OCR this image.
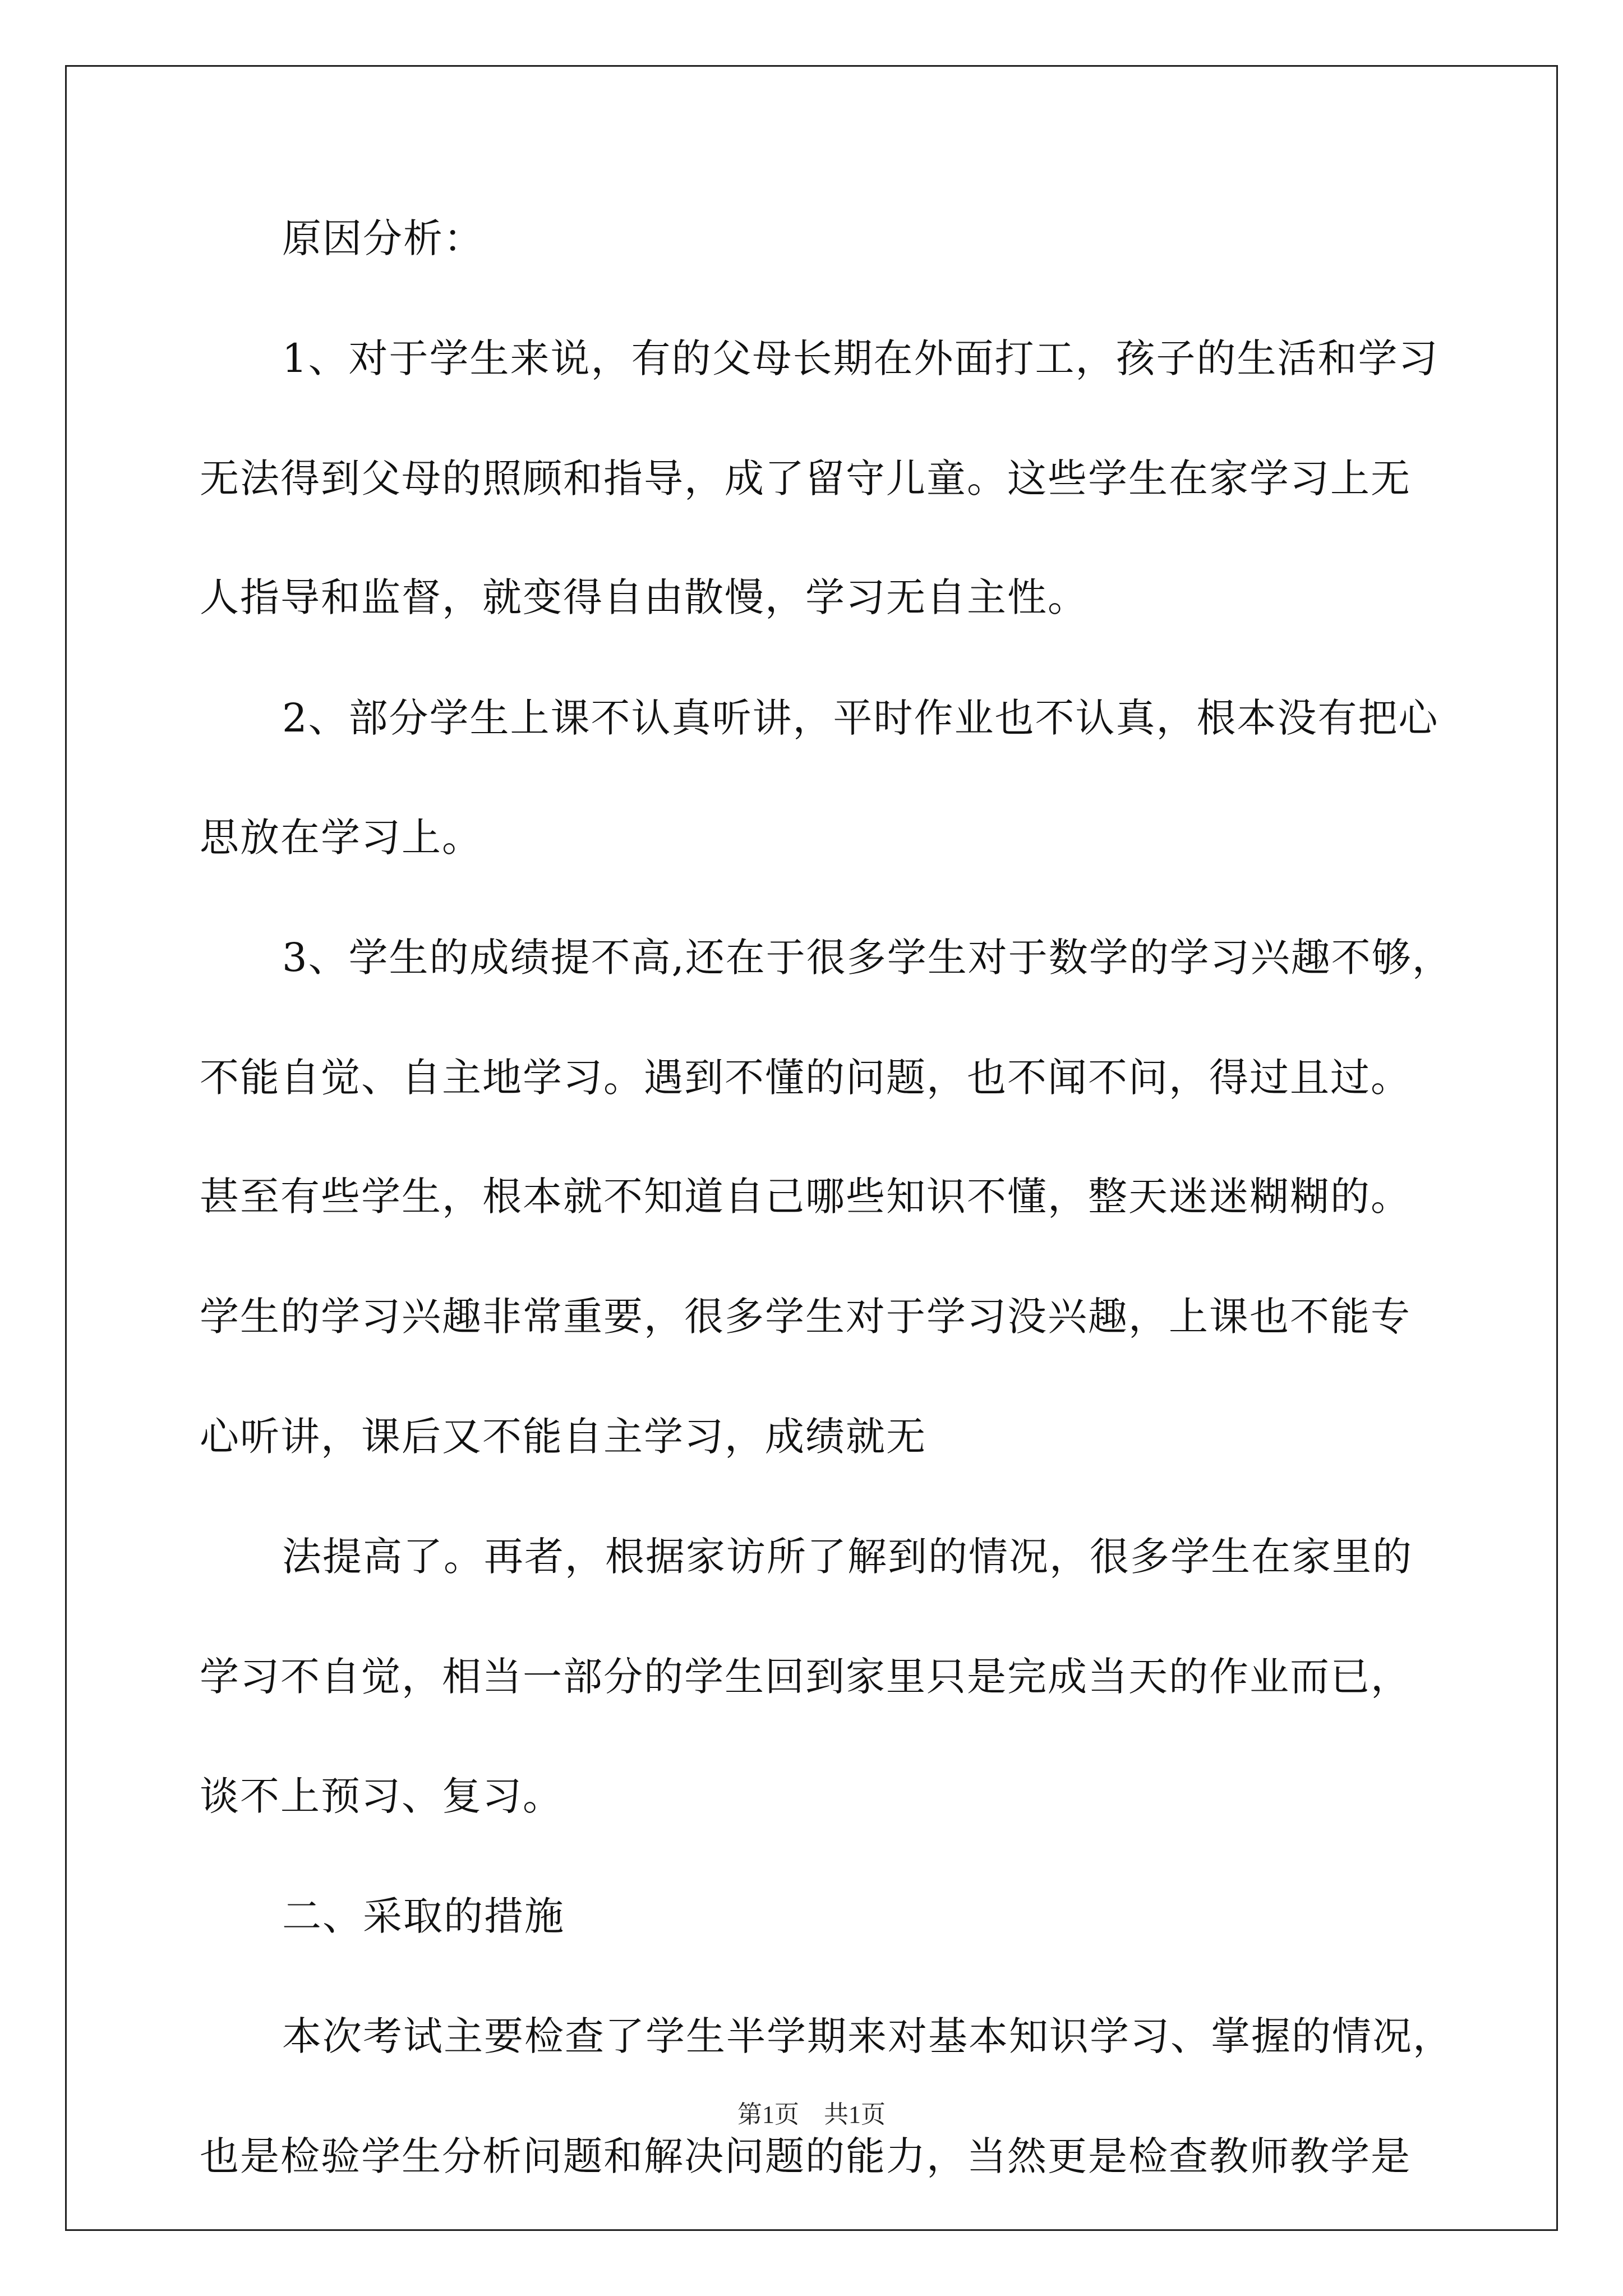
原因分析：
1、对于学生来说，有的父母长期在外面打工，孩子的生活和学习
无法得到父母的照顾和指导，成了留守儿童。这些学生在家学习上无
人指导和监督，就变得自由散慢，学习无自主性。
2、部分学生上课不认真听讲，平时作业也不认真，根本没有把心
思放在学习上。
3、学生的成绩提不高,还在于很多学生对于数学的学习兴趣不够，
不能自觉、自主地学习。遇到不懂的问题，也不闻不问，得过且过。
甚至有些学生，根本就不知道自己哪些知识不懂，整天迷迷糊糊的。
学生的学习兴趣非常重要，很多学生对于学习没兴趣，上课也不能专
心听讲，课后又不能自主学习，成绩就无
法提高了。再者，根据家访所了解到的情况，很多学生在家里的
学习不自觉，相当一部分的学生回到家里只是完成当天的作业而已，
谈不上预习、复习。
二、采取的措施
本次考试主要检查了学生半学期来对基本知识学习、掌握的情况，
也是检验学生分析问题和解决问题的能力，当然更是检查教师教学是
第1页　共1页
